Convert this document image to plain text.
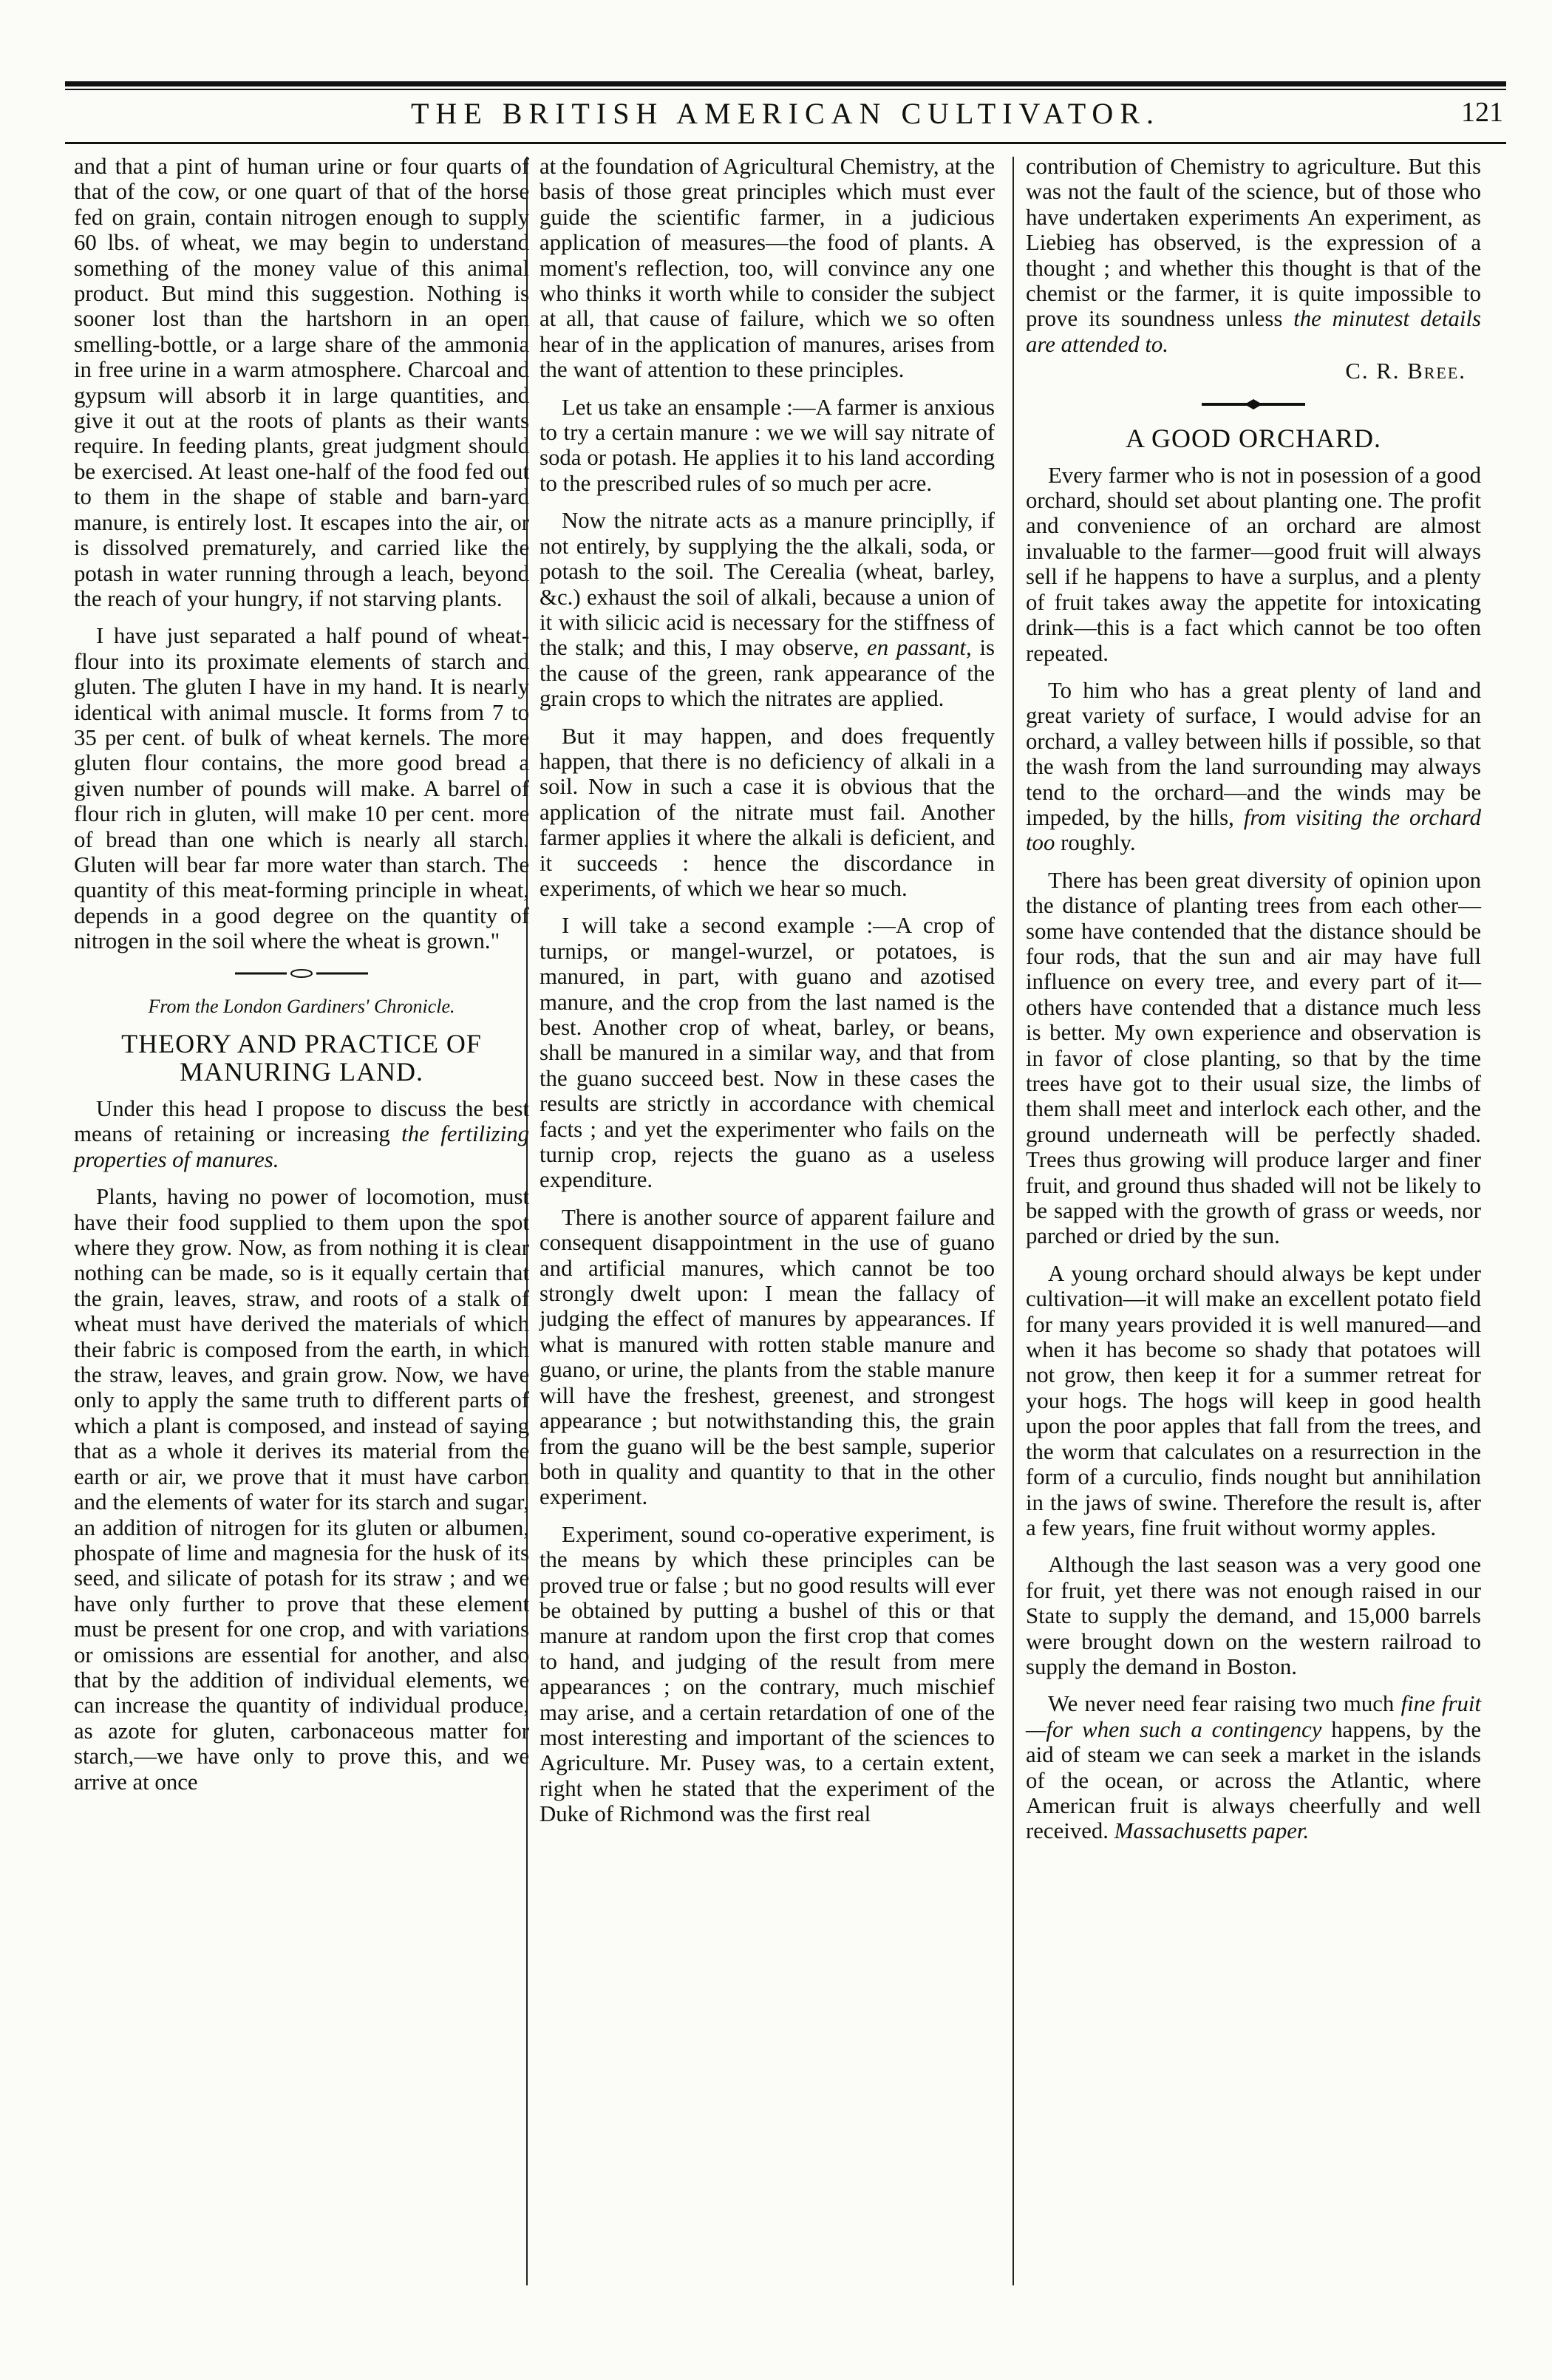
THE BRITISH AMERICAN CULTIVATOR.	121

and that a pint of human urine or four quarts of that of the cow, or one quart of that of the horse fed on grain, contain nitrogen enough to supply 60 lbs. of wheat, we may begin to understand something of the money value of this animal product. But mind this suggestion. Nothing is sooner lost than the hartshorn in an open smelling-bottle, or a large share of the ammonia in free urine in a warm atmosphere. Charcoal and gypsum will absorb it in large quantities, and give it out at the roots of plants as their wants require. In feeding plants, great judgment should be exercised. At least one-half of the food fed out to them in the shape of stable and barn-yard manure, is entirely lost. It escapes into the air, or is dissolved prematurely, and carried like the potash in water running through a leach, beyond the reach of your hungry, if not starving plants.

I have just separated a half pound of wheat-flour into its proximate elements of starch and gluten. The gluten I have in my hand. It is nearly identical with animal muscle. It forms from 7 to 35 per cent. of bulk of wheat kernels. The more gluten flour contains, the more good bread a given number of pounds will make. A barrel of flour rich in gluten, will make 10 per cent. more of bread than one which is nearly all starch. Gluten will bear far more water than starch. The quantity of this meat-forming principle in wheat, depends in a good degree on the quantity of nitrogen in the soil where the wheat is grown."

From the London Gardiners' Chronicle.
THEORY AND PRACTICE OF MANURING LAND.

Under this head I propose to discuss the best means of retaining or increasing the fertilizing properties of manures.

Plants, having no power of locomotion, must have their food supplied to them upon the spot where they grow. Now, as from nothing it is clear nothing can be made, so is it equally certain that the grain, leaves, straw, and roots of a stalk of wheat must have derived the materials of which their fabric is composed from the earth, in which the straw, leaves, and grain grow. Now, we have only to apply the same truth to different parts of which a plant is composed, and instead of saying that as a whole it derives its material from the earth or air, we prove that it must have carbon and the elements of water for its starch and sugar, an addition of nitrogen for its gluten or albumen, phospate of lime and magnesia for the husk of its seed, and silicate of potash for its straw ; and we have only further to prove that these element must be present for one crop, and with variations or omissions are essential for another, and also that by the addition of individual elements, we can increase the quantity of individual produce, as azote for gluten, carbonaceous matter for starch,—we have only to prove this, and we arrive at once

at the foundation of Agricultural Chemistry, at the basis of those great principles which must ever guide the scientific farmer, in a judicious application of measures—the food of plants. A moment's reflection, too, will convince any one who thinks it worth while to consider the subject at all, that cause of failure, which we so often hear of in the application of manures, arises from the want of attention to these principles.

Let us take an ensample :—A farmer is anxious to try a certain manure : we we will say nitrate of soda or potash. He applies it to his land according to the prescribed rules of so much per acre.

Now the nitrate acts as a manure principlly, if not entirely, by supplying the the alkali, soda, or potash to the soil. The Cerealia (wheat, barley, &c.) exhaust the soil of alkali, because a union of it with silicic acid is necessary for the stiffness of the stalk; and this, I may observe, en passant, is the cause of the green, rank appearance of the grain crops to which the nitrates are applied.

But it may happen, and does frequently happen, that there is no deficiency of alkali in a soil. Now in such a case it is obvious that the application of the nitrate must fail. Another farmer applies it where the alkali is deficient, and it succeeds : hence the discordance in experiments, of which we hear so much.

I will take a second example :—A crop of turnips, or mangel-wurzel, or potatoes, is manured, in part, with guano and azotised manure, and the crop from the last named is the best. Another crop of wheat, barley, or beans, shall be manured in a similar way, and that from the guano succeed best. Now in these cases the results are strictly in accordance with chemical facts ; and yet the experimenter who fails on the turnip crop, rejects the guano as a useless expenditure.

There is another source of apparent failure and consequent disappointment in the use of guano and artificial manures, which cannot be too strongly dwelt upon: I mean the fallacy of judging the effect of manures by appearances. If what is manured with rotten stable manure and guano, or urine, the plants from the stable manure will have the freshest, greenest, and strongest appearance ; but notwithstanding this, the grain from the guano will be the best sample, superior both in quality and quantity to that in the other experiment.

Experiment, sound co-operative experiment, is the means by which these principles can be proved true or false ; but no good results will ever be obtained by putting a bushel of this or that manure at random upon the first crop that comes to hand, and judging of the result from mere appearances ; on the contrary, much mischief may arise, and a certain retardation of one of the most interesting and important of the sciences to Agriculture. Mr. Pusey was, to a certain extent, right when he stated that the experiment of the Duke of Richmond was the first real

contribution of Chemistry to agriculture. But this was not the fault of the science, but of those who have undertaken experiments An experiment, as Liebieg has observed, is the expression of a thought ; and whether this thought is that of the chemist or the farmer, it is quite impossible to prove its soundness unless the minutest details are attended to.

C. R. Bree.
A GOOD ORCHARD.

Every farmer who is not in posession of a good orchard, should set about planting one. The profit and convenience of an orchard are almost invaluable to the farmer—good fruit will always sell if he happens to have a surplus, and a plenty of fruit takes away the appetite for intoxicating drink—this is a fact which cannot be too often repeated.

To him who has a great plenty of land and great variety of surface, I would advise for an orchard, a valley between hills if possible, so that the wash from the land surrounding may always tend to the orchard—and the winds may be impeded, by the hills, from visiting the orchard too roughly.

There has been great diversity of opinion upon the distance of planting trees from each other—some have contended that the distance should be four rods, that the sun and air may have full influence on every tree, and every part of it—others have contended that a distance much less is better. My own experience and observation is in favor of close planting, so that by the time trees have got to their usual size, the limbs of them shall meet and interlock each other, and the ground underneath will be perfectly shaded. Trees thus growing will produce larger and finer fruit, and ground thus shaded will not be likely to be sapped with the growth of grass or weeds, nor parched or dried by the sun.

A young orchard should always be kept under cultivation—it will make an excellent potato field for many years provided it is well manured—and when it has become so shady that potatoes will not grow, then keep it for a summer retreat for your hogs. The hogs will keep in good health upon the poor apples that fall from the trees, and the worm that calculates on a resurrection in the form of a curculio, finds nought but annihilation in the jaws of swine. Therefore the result is, after a few years, fine fruit without wormy apples.

Although the last season was a very good one for fruit, yet there was not enough raised in our State to supply the demand, and 15,000 barrels were brought down on the western railroad to supply the demand in Boston.

We never need fear raising two much fine fruit—for when such a contingency happens, by the aid of steam we can seek a market in the islands of the ocean, or across the Atlantic, where American fruit is always cheerfully and well received. Massachusetts paper.
